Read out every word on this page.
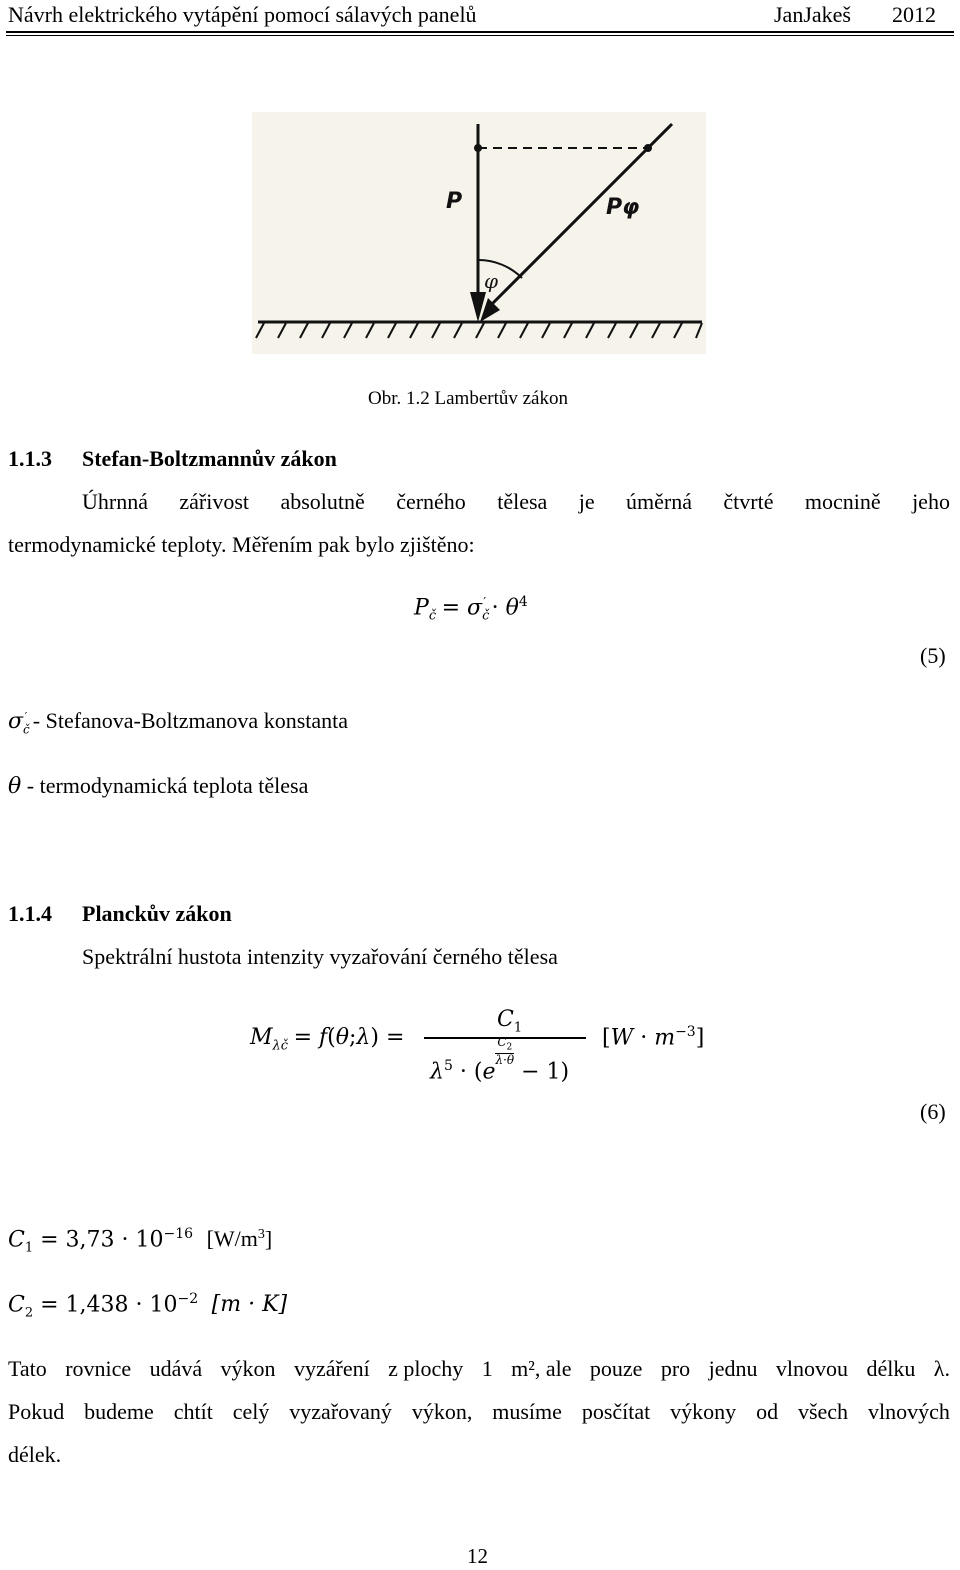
Návrh elektrického vytápění pomocí sálavých panelů	JanJakeš 2012
P	Pφ
φ
Obr. 1.2 Lambertův zákon
1.1.3 Stefan-Boltzmannův zákon
Úhrnná zářivost absolutně černého tělesa je úměrná čtvrté mocnině jeho
termodynamické teploty. Měřením pak bylo zjištěno:
$P_č = \sigma_č' \cdot \theta^4$
(5)
$\sigma_č'$ - Stefanova-Boltzmanova konstanta
θ - termodynamická teplota tělesa
1.1.4 Planckův zákon
Spektrální hustota intenzity vyzařování černého tělesa
$M_{\lambda č}$ = f(θ;λ) =
$C_1$
$\lambda^5 \cdot (e$
$\frac{C_2}{\lambda\cdot\theta}$
− 1)
$[W \cdot m^{-3}]$
(6)
$C_1 = 3,73 \cdot 10^{-16}$ $[W/m^3]$
$C_2 = 1,438 \cdot 10^{-2}$ [m · K]
Tato rovnice udává výkon vyzáření z plochy 1 m², ale pouze pro jednu vlnovou délku λ.
Pokud budeme chtít celý vyzařovaný výkon, musíme posčítat výkony od všech vlnových
délek.
12
